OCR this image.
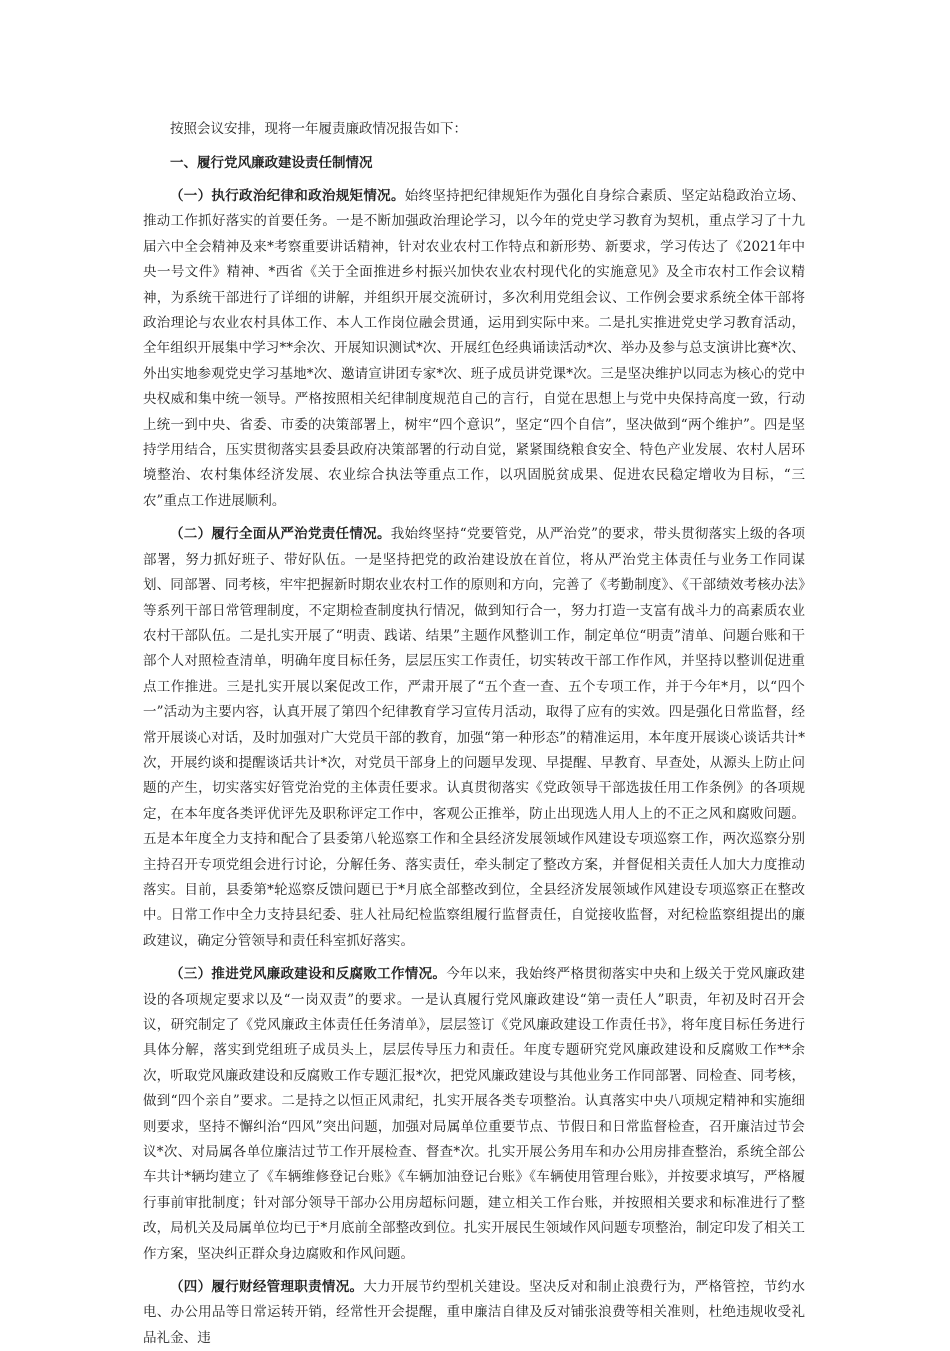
按照会议安排，现将一年履责廉政情况报告如下：

一、履行党风廉政建设责任制情况

（一）执行政治纪律和政治规矩情况。始终坚持把纪律规矩作为强化自身综合素质、坚定站稳政治立场、推动工作抓好落实的首要任务。一是不断加强政治理论学习，以今年的党史学习教育为契机，重点学习了十九届六中全会精神及来*考察重要讲话精神，针对农业农村工作特点和新形势、新要求，学习传达了《2021年中央一号文件》精神、*西省《关于全面推进乡村振兴加快农业农村现代化的实施意见》及全市农村工作会议精神，为系统干部进行了详细的讲解，并组织开展交流研讨，多次利用党组会议、工作例会要求系统全体干部将政治理论与农业农村具体工作、本人工作岗位融会贯通，运用到实际中来。二是扎实推进党史学习教育活动，全年组织开展集中学习**余次、开展知识测试*次、开展红色经典诵读活动*次、举办及参与总支演讲比赛*次、外出实地参观党史学习基地*次、邀请宣讲团专家*次、班子成员讲党课*次。三是坚决维护以同志为核心的党中央权威和集中统一领导。严格按照相关纪律制度规范自己的言行，自觉在思想上与党中央保持高度一致，行动上统一到中央、省委、市委的决策部署上，树牢“四个意识”，坚定“四个自信”，坚决做到“两个维护”。四是坚持学用结合，压实贯彻落实县委县政府决策部署的行动自觉，紧紧围绕粮食安全、特色产业发展、农村人居环境整治、农村集体经济发展、农业综合执法等重点工作，以巩固脱贫成果、促进农民稳定增收为目标，“三农”重点工作进展顺利。

（二）履行全面从严治党责任情况。我始终坚持“党要管党，从严治党”的要求，带头贯彻落实上级的各项部署，努力抓好班子、带好队伍。一是坚持把党的政治建设放在首位，将从严治党主体责任与业务工作同谋划、同部署、同考核，牢牢把握新时期农业农村工作的原则和方向，完善了《考勤制度》、《干部绩效考核办法》等系列干部日常管理制度，不定期检查制度执行情况，做到知行合一，努力打造一支富有战斗力的高素质农业农村干部队伍。二是扎实开展了“明责、践诺、结果”主题作风整训工作，制定单位“明责”清单、问题台账和干部个人对照检查清单，明确年度目标任务，层层压实工作责任，切实转改干部工作作风，并坚持以整训促进重点工作推进。三是扎实开展以案促改工作，严肃开展了“五个查一查、五个专项工作，并于今年*月，以“四个一”活动为主要内容，认真开展了第四个纪律教育学习宣传月活动，取得了应有的实效。四是强化日常监督，经常开展谈心对话，及时加强对广大党员干部的教育，加强“第一种形态”的精准运用，本年度开展谈心谈话共计*次，开展约谈和提醒谈话共计*次，对党员干部身上的问题早发现、早提醒、早教育、早查处，从源头上防止问题的产生，切实落实好管党治党的主体责任要求。认真贯彻落实《党政领导干部选拔任用工作条例》的各项规定，在本年度各类评优评先及职称评定工作中，客观公正推举，防止出现选人用人上的不正之风和腐败问题。五是本年度全力支持和配合了县委第八轮巡察工作和全县经济发展领域作风建设专项巡察工作，两次巡察分别主持召开专项党组会进行讨论，分解任务、落实责任，牵头制定了整改方案，并督促相关责任人加大力度推动落实。目前，县委第*轮巡察反馈问题已于*月底全部整改到位，全县经济发展领域作风建设专项巡察正在整改中。日常工作中全力支持县纪委、驻人社局纪检监察组履行监督责任，自觉接收监督，对纪检监察组提出的廉政建议，确定分管领导和责任科室抓好落实。

（三）推进党风廉政建设和反腐败工作情况。今年以来，我始终严格贯彻落实中央和上级关于党风廉政建设的各项规定要求以及“一岗双责”的要求。一是认真履行党风廉政建设“第一责任人”职责，年初及时召开会议，研究制定了《党风廉政主体责任任务清单》，层层签订《党风廉政建设工作责任书》，将年度目标任务进行具体分解，落实到党组班子成员头上，层层传导压力和责任。年度专题研究党风廉政建设和反腐败工作**余次，听取党风廉政建设和反腐败工作专题汇报*次，把党风廉政建设与其他业务工作同部署、同检查、同考核，做到“四个亲自”要求。二是持之以恒正风肃纪，扎实开展各类专项整治。认真落实中央八项规定精神和实施细则要求，坚持不懈纠治“四风”突出问题，加强对局属单位重要节点、节假日和日常监督检查，召开廉洁过节会议*次、对局属各单位廉洁过节工作开展检查、督查*次。扎实开展公务用车和办公用房排查整治，系统全部公车共计*辆均建立了《车辆维修登记台账》《车辆加油登记台账》《车辆使用管理台账》，并按要求填写，严格履行事前审批制度；针对部分领导干部办公用房超标问题，建立相关工作台账，并按照相关要求和标准进行了整改，局机关及局属单位均已于*月底前全部整改到位。扎实开展民生领域作风问题专项整治，制定印发了相关工作方案，坚决纠正群众身边腐败和作风问题。

（四）履行财经管理职责情况。大力开展节约型机关建设。坚决反对和制止浪费行为，严格管控，节约水电、办公用品等日常运转开销，经常性开会提醒，重申廉洁自律及反对铺张浪费等相关准则，杜绝违规收受礼品礼金、违
